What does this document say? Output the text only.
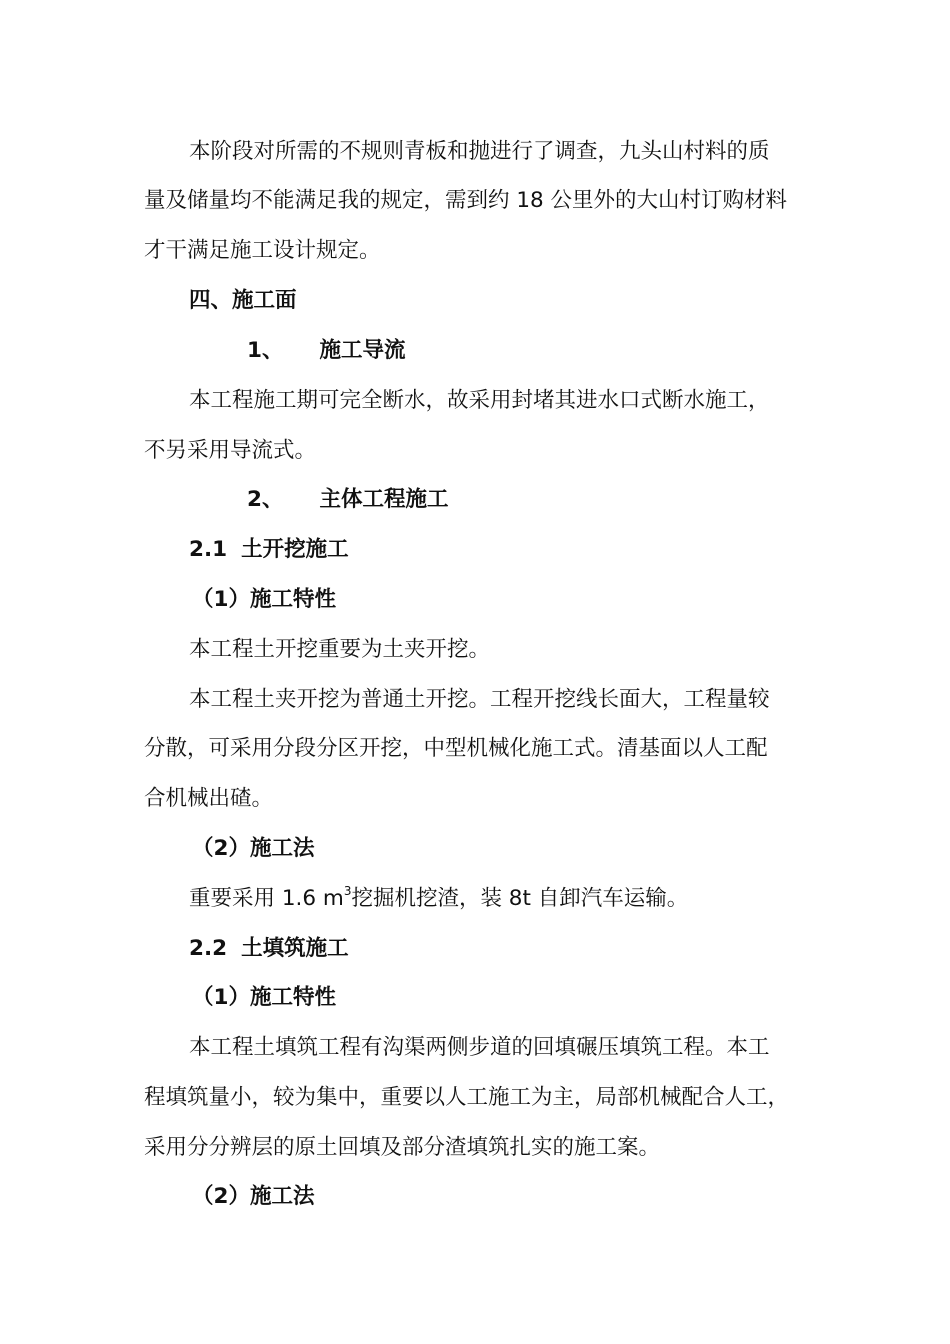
本阶段对所需的不规则青板和抛进行了调查，九头山村料的质
量及储量均不能满足我的规定，需到约 18 公里外的大山村订购材料
才干满足施工设计规定。
四、施工面
1、 施工导流
本工程施工期可完全断水，故采用封堵其进水口式断水施工，
不另采用导流式。
2、 主体工程施工
2.1 土开挖施工
（1）施工特性
本工程土开挖重要为土夹开挖。
本工程土夹开挖为普通土开挖。工程开挖线长面大，工程量较
分散，可采用分段分区开挖，中型机械化施工式。清基面以人工配
合机械出碴。
（2）施工法
重要采用 1.6 $m^3$挖掘机挖渣，装 8t 自卸汽车运输。
2.2 土填筑施工
（1）施工特性
本工程土填筑工程有沟渠两侧步道的回填碾压填筑工程。本工
程填筑量小，较为集中，重要以人工施工为主，局部机械配合人工，
采用分分辨层的原土回填及部分渣填筑扎实的施工案。
（2）施工法
